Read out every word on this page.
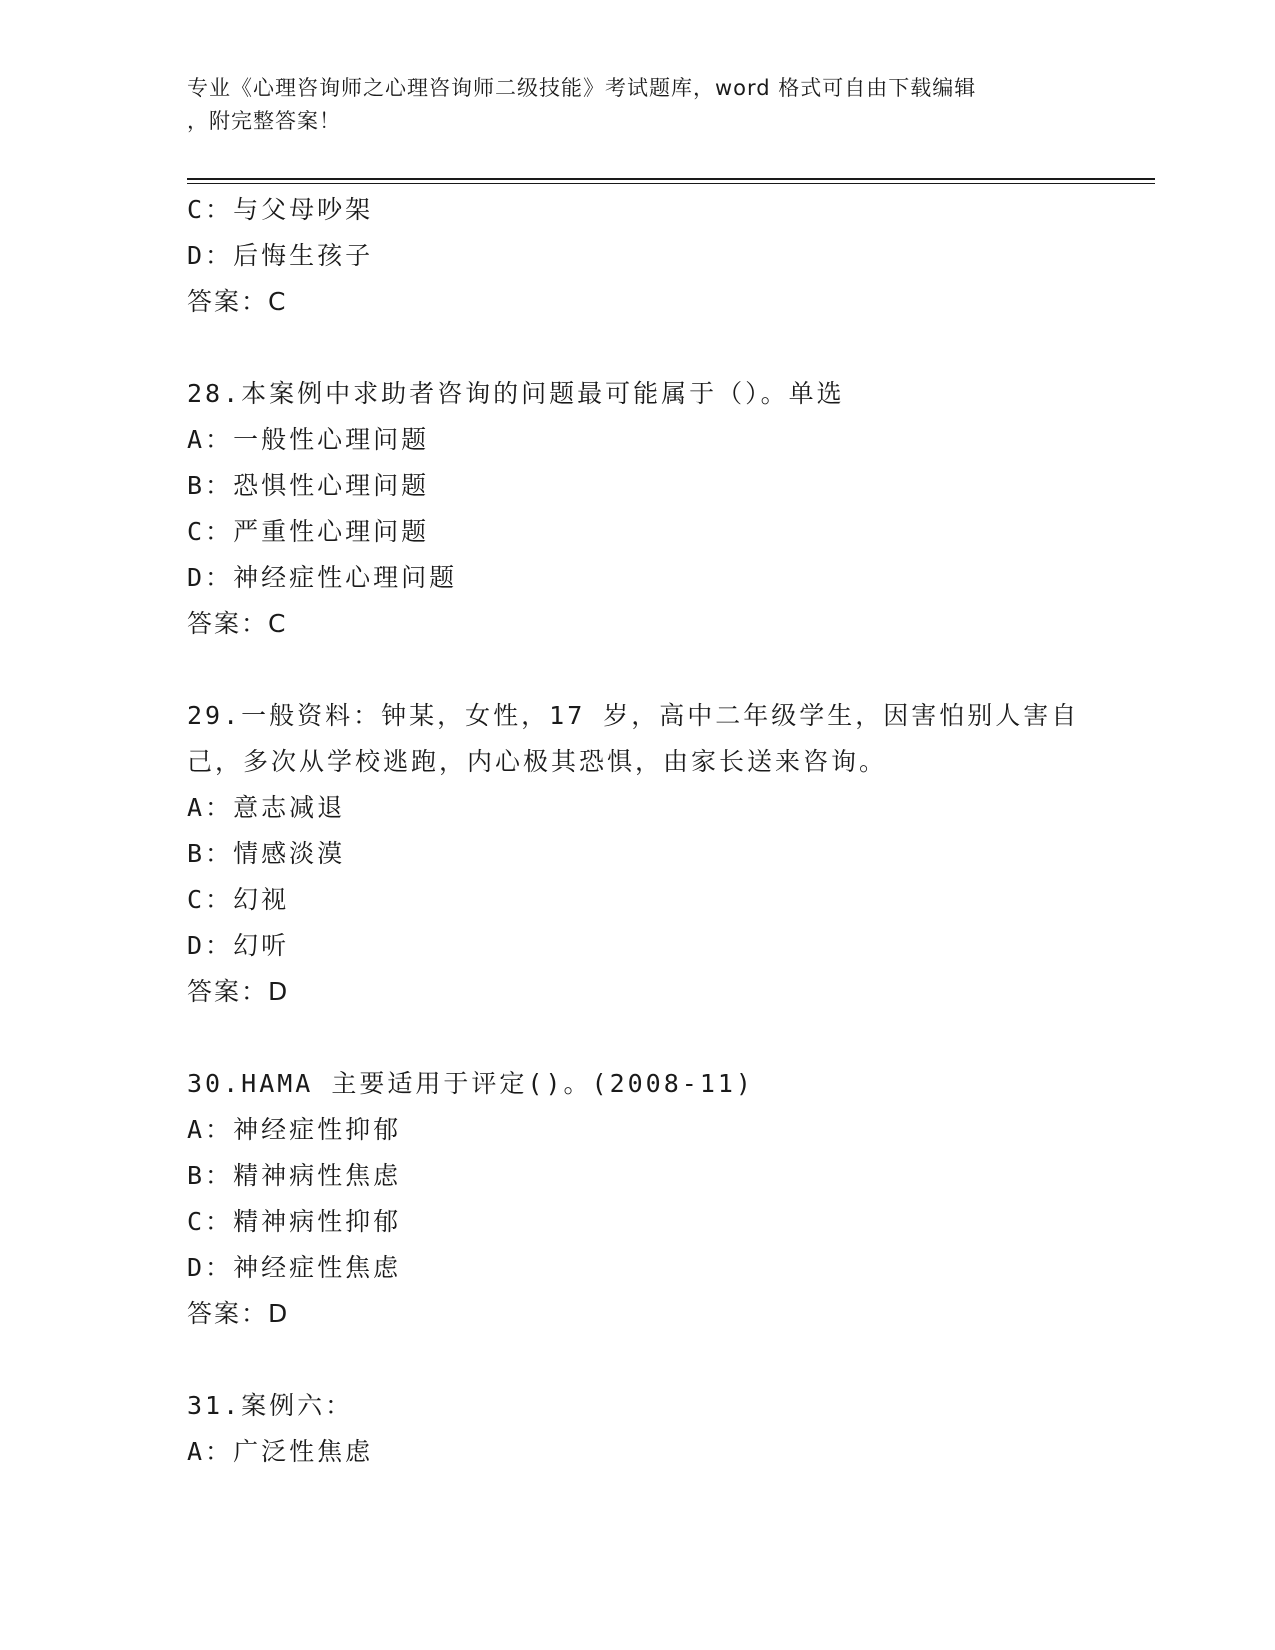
专业《心理咨询师之心理咨询师二级技能》考试题库，word 格式可自由下载编辑
，附完整答案！
C：与父母吵架
D：后悔生孩子
答案：C
28.本案例中求助者咨询的问题最可能属于（）。单选
A：一般性心理问题
B：恐惧性心理问题
C：严重性心理问题
D：神经症性心理问题
答案：C
29.一般资料：钟某，女性，17 岁，高中二年级学生，因害怕别人害自
己，多次从学校逃跑，内心极其恐惧，由家长送来咨询。
A：意志减退
B：情感淡漠
C：幻视
D：幻听
答案：D
30.HAMA 主要适用于评定()。(2008-11)
A：神经症性抑郁
B：精神病性焦虑
C：精神病性抑郁
D：神经症性焦虑
答案：D
31.案例六：
A：广泛性焦虑
